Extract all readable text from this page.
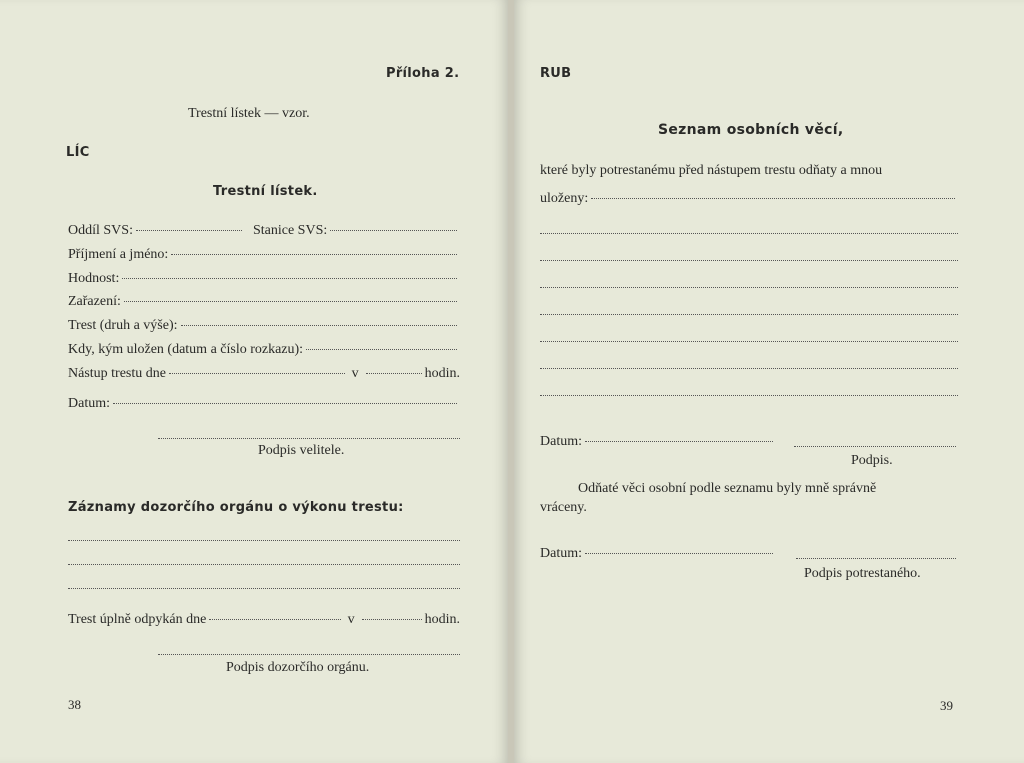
Příloha 2.
Trestní lístek — vzor.
LÍC
Trestní lístek.
Oddíl SVS:	Stanice SVS:
Příjmení a jméno:
Hodnost:
Zařazení:
Trest (druh a výše):
Kdy, kým uložen (datum a číslo rozkazu):
Nástup trestu dne	v	hodin.
Datum:
Podpis velitele.
Záznamy dozorčího orgánu o výkonu trestu:
Trest úplně odpykán dne	v	hodin.
Podpis dozorčího orgánu.
38
RUB
Seznam osobních věcí,
které byly potrestanému před nástupem trestu odňaty a mnou
uloženy:
Datum:
Podpis.
Odňaté věci osobní podle seznamu byly mně správně
vráceny.
Datum:
Podpis potrestaného.
39
